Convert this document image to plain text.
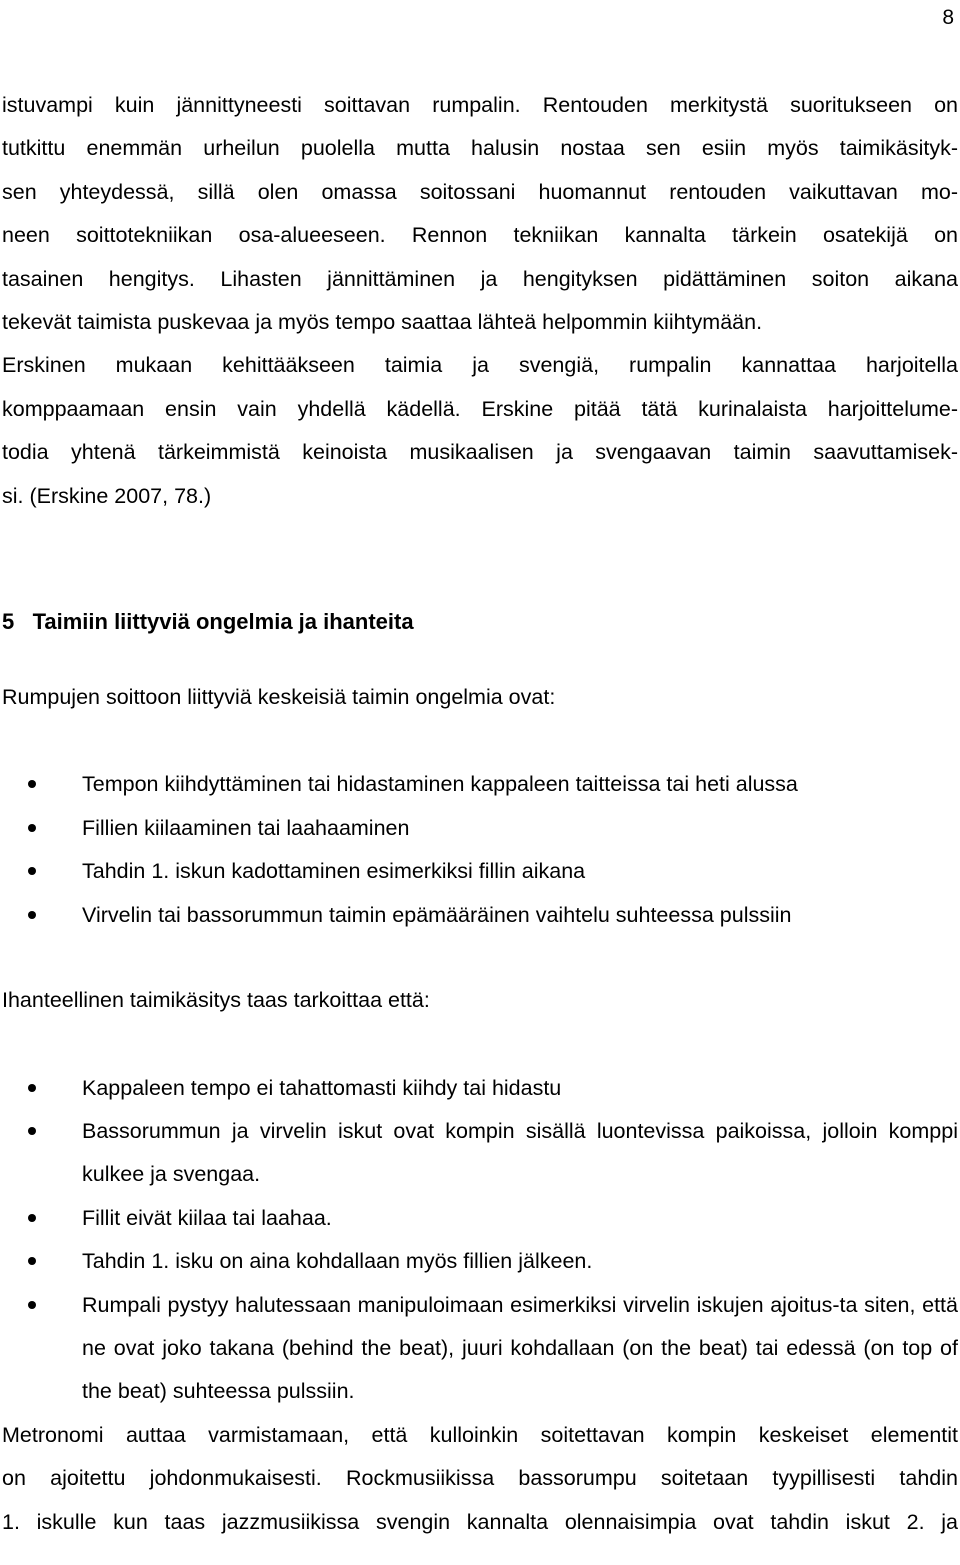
8
istuvampi kuin jännittyneesti soittavan rumpalin. Rentouden merkitystä suoritukseen on
tutkittu enemmän urheilun puolella mutta halusin nostaa sen esiin myös taimikäsityk-
sen yhteydessä, sillä olen omassa soitossani huomannut rentouden vaikuttavan mo-
neen soittotekniikan osa-alueeseen. Rennon tekniikan kannalta tärkein osatekijä on
tasainen hengitys. Lihasten jännittäminen ja hengityksen pidättäminen soiton aikana
tekevät taimista puskevaa ja myös tempo saattaa lähteä helpommin kiihtymään.
Erskinen mukaan kehittääkseen taimia ja svengiä, rumpalin kannattaa harjoitella
komppaamaan ensin vain yhdellä kädellä. Erskine pitää tätä kurinalaista harjoittelume-
todia yhtenä tärkeimmistä keinoista musikaalisen ja svengaavan taimin saavuttamisek-
si. (Erskine 2007, 78.)
5   Taimiin liittyviä ongelmia ja ihanteita

Rumpujen soittoon liittyviä keskeisiä taimin ongelmia ovat:

Tempon kiihdyttäminen tai hidastaminen kappaleen taitteissa tai heti alussa
Fillien kiilaaminen tai laahaaminen
Tahdin 1. iskun kadottaminen esimerkiksi fillin aikana
Virvelin tai bassorummun taimin epämääräinen vaihtelu suhteessa pulssiin

Ihanteellinen taimikäsitys taas tarkoittaa että:

Kappaleen tempo ei tahattomasti kiihdy tai hidastu
Bassorummun ja virvelin iskut ovat kompin sisällä luontevissa paikoissa, jolloin komppi kulkee ja svengaa.
Fillit eivät kiilaa tai laahaa.
Tahdin 1. isku on aina kohdallaan myös fillien jälkeen.
Rumpali pystyy halutessaan manipuloimaan esimerkiksi virvelin iskujen ajoitus-ta siten, että ne ovat joko takana (behind the beat), juuri kohdallaan (on the beat) tai edessä (on top of the beat) suhteessa pulssiin.
Metronomi auttaa varmistamaan, että kulloinkin soitettavan kompin keskeiset elementit
on ajoitettu johdonmukaisesti. Rockmusiikissa bassorumpu soitetaan tyypillisesti tahdin
1. iskulle kun taas jazzmusiikissa svengin kannalta olennaisimpia ovat tahdin iskut 2. ja
